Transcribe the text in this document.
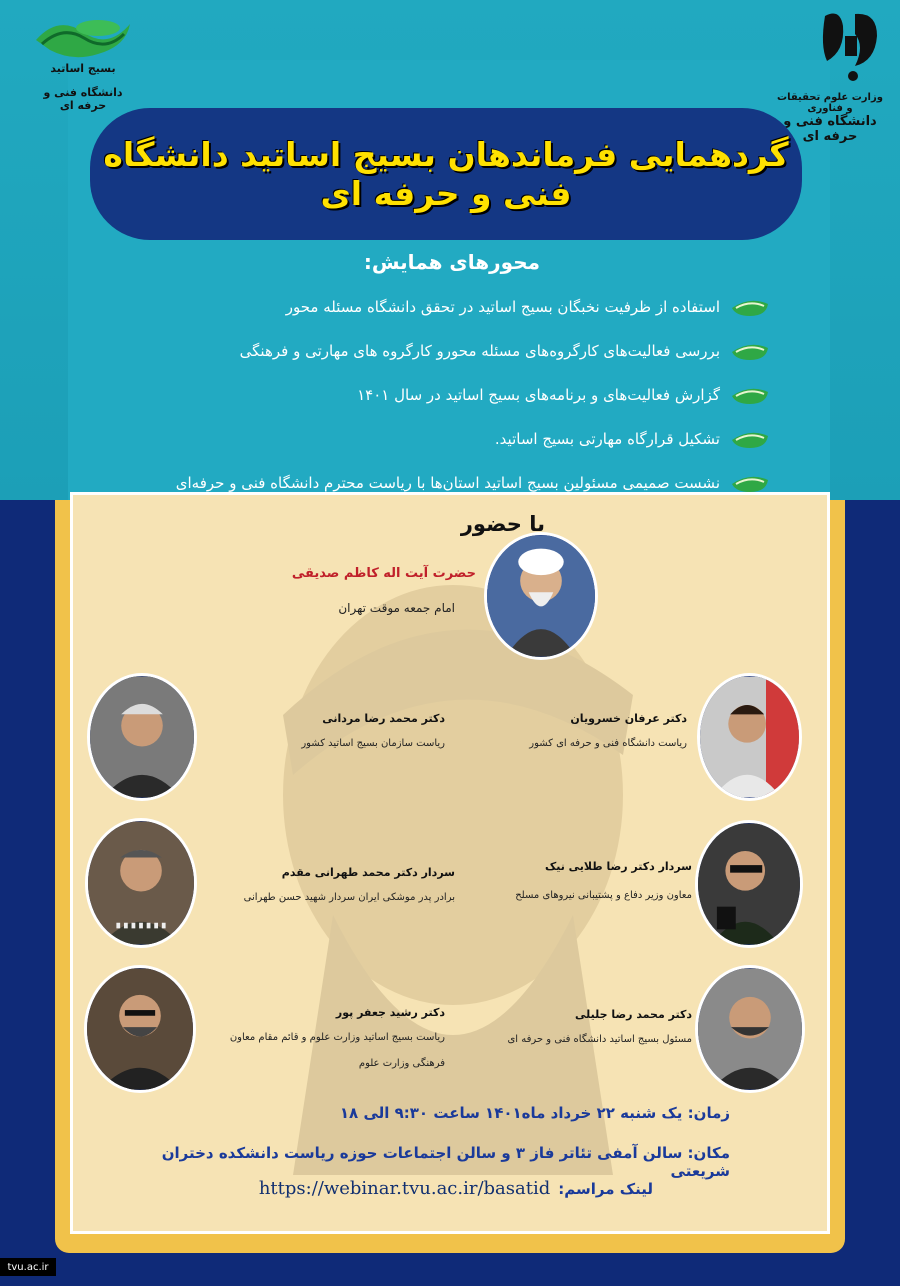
بسیج اساتید
دانشگاه فنی و حرفه ای
وزارت علوم تحقیقات و فناوری
دانشگاه فنی و حرفه ای
گردهمایی فرماندهان بسیج اساتید دانشگاه فنی و حرفه ای
محورهای همایش:
استفاده از ظرفیت نخبگان بسیج اساتید در تحقق دانشگاه مسئله محور
بررسی فعالیت‌های کارگروه‌های مسئله محورو کارگروه های مهارتی و فرهنگی
گزارش فعالیت‌های و برنامه‌های بسیج اساتید در سال ۱۴۰۱
تشکیل قرارگاه مهارتی بسیج اساتید.
نشست صمیمی مسئولین بسیج اساتید استان‌ها با ریاست محترم دانشگاه فنی و حرفه‌ای
با حضور
حضرت آیت اله کاظم صدیقی
امام جمعه موقت تهران
دکتر عرفان خسرویان
ریاست دانشگاه فنی و حرفه ای کشور
دکتر محمد رضا مردانی
ریاست سازمان بسیج اساتید کشور
سردار دکتر رضا طلایی نیک
معاون وزیر دفاع و پشتیبانی نیروهای مسلح
سردار دکتر محمد طهرانی مقدم
برادر پدر موشکی ایران سردار شهید حسن طهرانی
دکتر محمد رضا جلیلی
مسئول بسیج اساتید دانشگاه فنی و حرفه ای
دکتر رشید جعفر پور
ریاست بسیج اساتید وزارت علوم و قائم مقام معاون
فرهنگی وزارت علوم
زمان: یک شنبه ۲۲ خرداد ماه۱۴۰۱ ساعت ۹:۳۰ الی ۱۸
مکان: سالن آمفی تئاتر فاز ۳ و سالن اجتماعات حوزه ریاست دانشکده دختران شریعتی
لینک مراسم:
https://webinar.tvu.ac.ir/basatid
tvu.ac.ir
